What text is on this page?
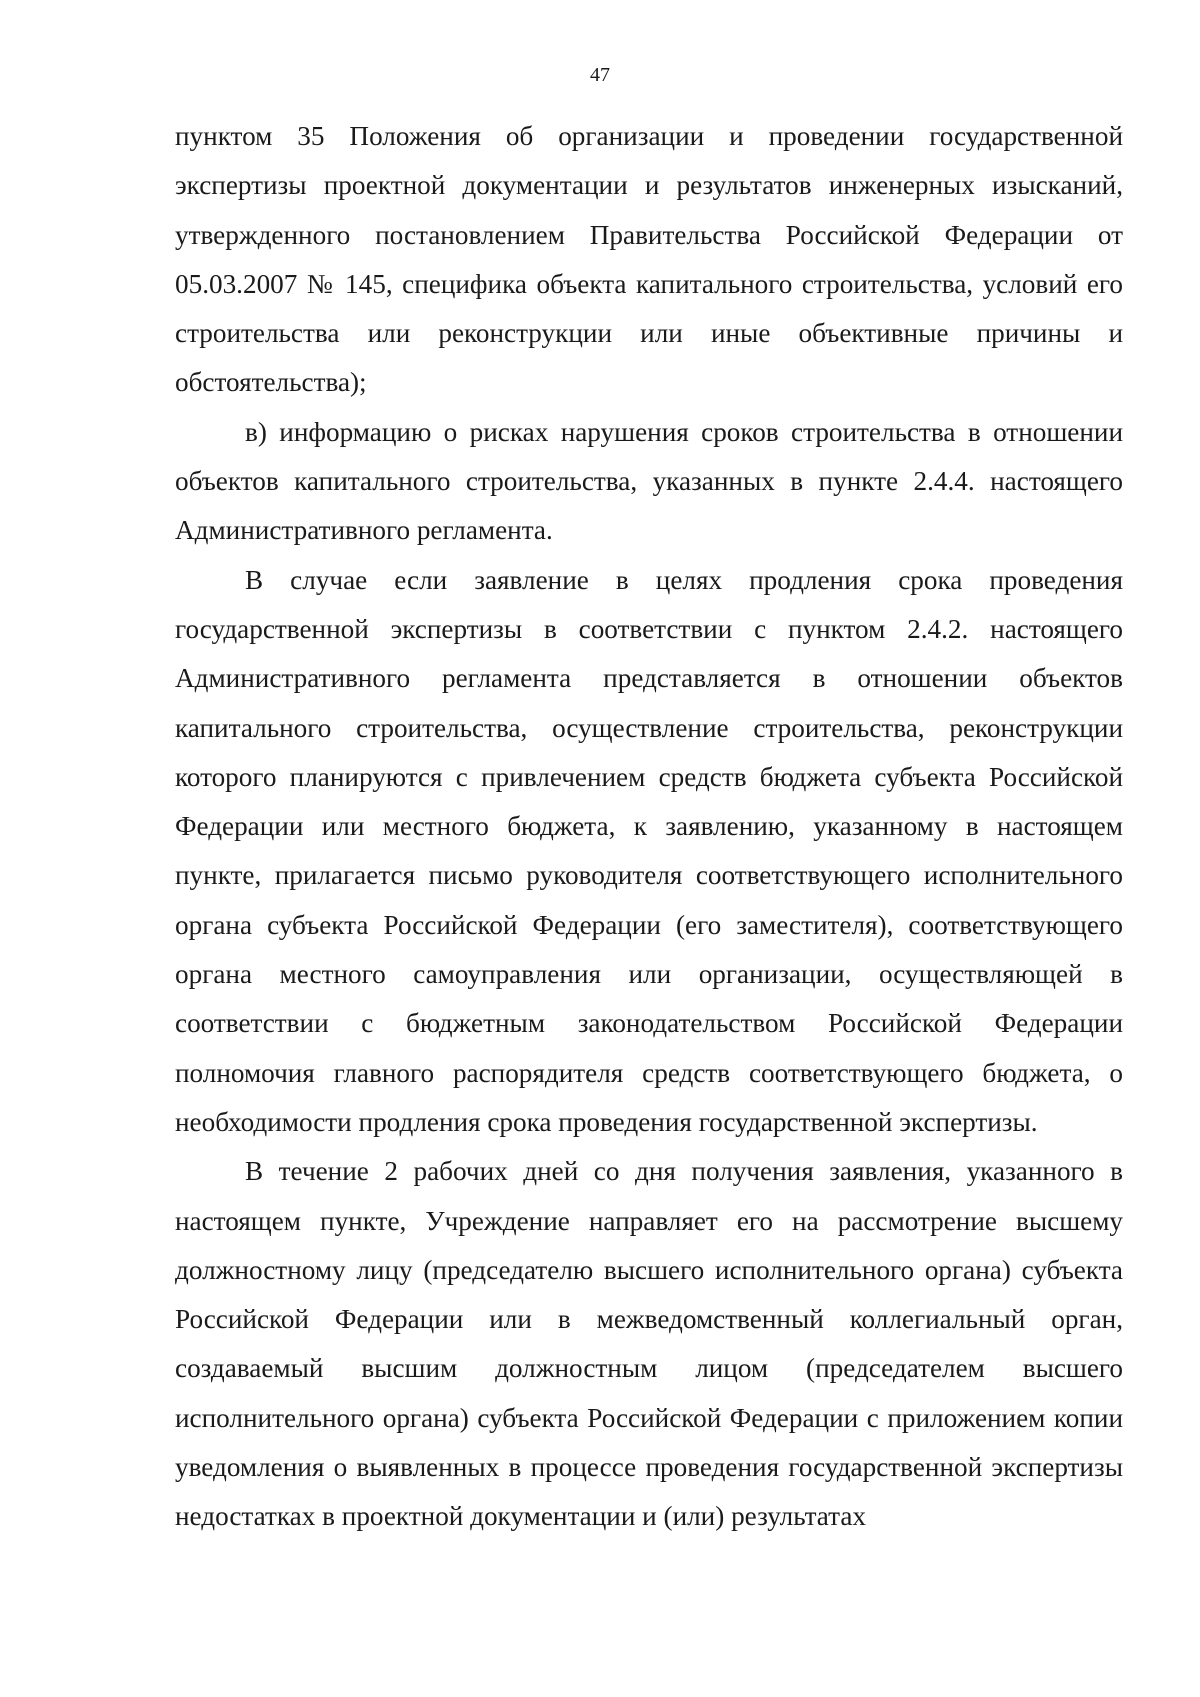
47

пунктом 35 Положения об организации и проведении государственной экспертизы проектной документации и результатов инженерных изысканий, утвержденного постановлением Правительства Российской Федерации от 05.03.2007 № 145, специфика объекта капитального строительства, условий его строительства или реконструкции или иные объективные причины и обстоятельства);

в) информацию о рисках нарушения сроков строительства в отношении объектов капитального строительства, указанных в пункте 2.4.4. настоящего Административного регламента.

В случае если заявление в целях продления срока проведения государственной экспертизы в соответствии с пунктом 2.4.2. настоящего Административного регламента представляется в отношении объектов капитального строительства, осуществление строительства, реконструкции которого планируются с привлечением средств бюджета субъекта Российской Федерации или местного бюджета, к заявлению, указанному в настоящем пункте, прилагается письмо руководителя соответствующего исполнительного органа субъекта Российской Федерации (его заместителя), соответствующего органа местного самоуправления или организации, осуществляющей в соответствии с бюджетным законодательством Российской Федерации полномочия главного распорядителя средств соответствующего бюджета, о необходимости продления срока проведения государственной экспертизы.

В течение 2 рабочих дней со дня получения заявления, указанного в настоящем пункте, Учреждение направляет его на рассмотрение высшему должностному лицу (председателю высшего исполнительного органа) субъекта Российской Федерации или в межведомственный коллегиальный орган, создаваемый высшим должностным лицом (председателем высшего исполнительного органа) субъекта Российской Федерации с приложением копии уведомления о выявленных в процессе проведения государственной экспертизы недостатках в проектной документации и (или) результатах
